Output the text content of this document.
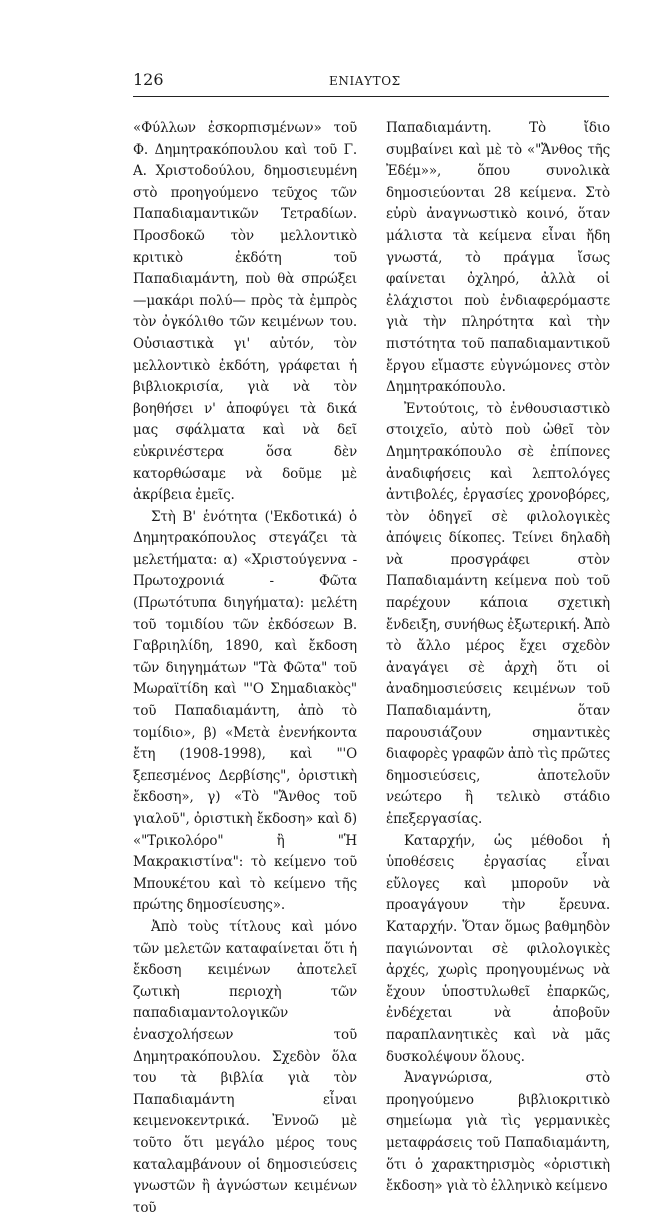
126	ΕΝΙΑΥΤΟΣ

«Φύλλων ἐσκορπισμένων» τοῦ Φ. Δημητρακόπουλου καὶ τοῦ Γ. Α. Χριστοδούλου, δημοσιευμένη στὸ προηγούμενο τεῦχος τῶν Παπαδιαμαντικῶν Τετραδίων. Προσδοκῶ τὸν μελλοντικὸ κριτικὸ ἐκδότη τοῦ Παπαδιαμάντη, ποὺ θὰ σπρώξει —μακάρι πολύ— πρὸς τὰ ἐμπρὸς τὸν ὀγκόλιθο τῶν κειμένων του. Οὐσιαστικὰ γι' αὐτόν, τὸν μελλοντικὸ ἐκδότη, γράφεται ἡ βιβλιοκρισία, γιὰ νὰ τὸν βοηθήσει ν' ἀποφύγει τὰ δικά μας σφάλματα καὶ νὰ δεῖ εὐκρινέστερα ὅσα δὲν κατορθώσαμε νὰ δοῦμε μὲ ἀκρίβεια ἐμεῖς.

Στὴ Β' ἑνότητα ('Εκδοτικά) ὁ Δημητρακόπουλος στεγάζει τὰ μελετήματα: α) «Χριστούγεννα - Πρωτοχρονιά - Φῶτα (Πρωτότυπα διηγήματα): μελέτη τοῦ τομιδίου τῶν ἐκδόσεων Β. Γαβριηλίδη, 1890, καὶ ἔκδοση τῶν διηγημάτων "Τὰ Φῶτα" τοῦ Μωραϊτίδη καὶ "'Ο Σημαδιακὸς" τοῦ Παπαδιαμάντη, ἀπὸ τὸ τομίδιο», β) «Μετὰ ἐνενήκοντα ἔτη (1908-1998), καὶ "'Ο ξεπεσμένος Δερβίσης", ὀριστικὴ ἔκδοση», γ) «Τὸ "Ἄνθος τοῦ γιαλοῦ", ὀριστικὴ ἔκδοση» καὶ δ) «"Τρικολόρο" ἢ "Ἡ Μακρακιστίνα": τὸ κείμενο τοῦ Μπουκέτου καὶ τὸ κείμενο τῆς πρώτης δημοσίευσης».

Ἀπὸ τοὺς τίτλους καὶ μόνο τῶν μελετῶν καταφαίνεται ὅτι ἡ ἔκδοση κειμένων ἀποτελεῖ ζωτικὴ περιοχὴ τῶν παπαδιαμαντολογικῶν ἐνασχολήσεων τοῦ Δημητρακόπουλου. Σχεδὸν ὅλα του τὰ βιβλία γιὰ τὸν Παπαδιαμάντη εἶναι κειμενοκεντρικά. Ἐννοῶ μὲ τοῦτο ὅτι μεγάλο μέρος τους καταλαμβάνουν οἱ δημοσιεύσεις γνωστῶν ἢ ἀγνώστων κειμένων τοῦ

Παπαδιαμάντη. Τὸ ἴδιο συμβαίνει καὶ μὲ τὸ «"Ἄνθος τῆς Ἐδέμ»», ὅπου συνολικὰ δημοσιεύονται 28 κείμενα. Στὸ εὐρὺ ἀναγνωστικὸ κοινό, ὅταν μάλιστα τὰ κείμενα εἶναι ἤδη γνωστά, τὸ πράγμα ἴσως φαίνεται ὀχληρό, ἀλλὰ οἱ ἐλάχιστοι ποὺ ἐνδιαφερόμαστε γιὰ τὴν πληρότητα καὶ τὴν πιστότητα τοῦ παπαδιαμαντικοῦ ἔργου εἴμαστε εὐγνώμονες στὸν Δημητρακόπουλο.

Ἐντούτοις, τὸ ἐνθουσιαστικὸ στοιχεῖο, αὐτὸ ποὺ ὠθεῖ τὸν Δημητρακόπουλο σὲ ἐπίπονες ἀναδιφήσεις καὶ λεπτολόγες ἀντιβολές, ἐργασίες χρονοβόρες, τὸν ὁδηγεῖ σὲ φιλολογικὲς ἀπόψεις δίκοπες. Τείνει δηλαδὴ νὰ προσγράφει στὸν Παπαδιαμάντη κείμενα ποὺ τοῦ παρέχουν κάποια σχετικὴ ἔνδειξη, συνήθως ἐξωτερική. Ἀπὸ τὸ ἄλλο μέρος ἔχει σχεδὸν ἀναγάγει σὲ ἀρχὴ ὅτι οἱ ἀναδημοσιεύσεις κειμένων τοῦ Παπαδιαμάντη, ὅταν παρουσιάζουν σημαντικὲς διαφορὲς γραφῶν ἀπὸ τὶς πρῶτες δημοσιεύσεις, ἀποτελοῦν νεώτερο ἢ τελικὸ στάδιο ἐπεξεργασίας.

Καταρχήν, ὡς μέθοδοι ἡ ὑποθέσεις ἐργασίας εἶναι εὔλογες καὶ μποροῦν νὰ προαγάγουν τὴν ἔρευνα. Καταρχήν. Ὅταν ὅμως βαθμηδὸν παγιώνονται σὲ φιλολογικὲς ἀρχές, χωρὶς προηγουμένως νὰ ἔχουν ὑποστυλωθεῖ ἐπαρκῶς, ἐνδέχεται νὰ ἀποβοῦν παραπλανητικὲς καὶ νὰ μᾶς δυσκολέψουν ὅλους.

Ἀναγνώρισα, στὸ προηγούμενο βιβλιοκριτικὸ σημείωμα γιὰ τὶς γερμανικὲς μεταφράσεις τοῦ Παπαδιαμάντη, ὅτι ὁ χαρακτηρισμὸς «ὀριστικὴ ἔκδοση» γιὰ τὸ ἑλληνικὸ κείμενο
